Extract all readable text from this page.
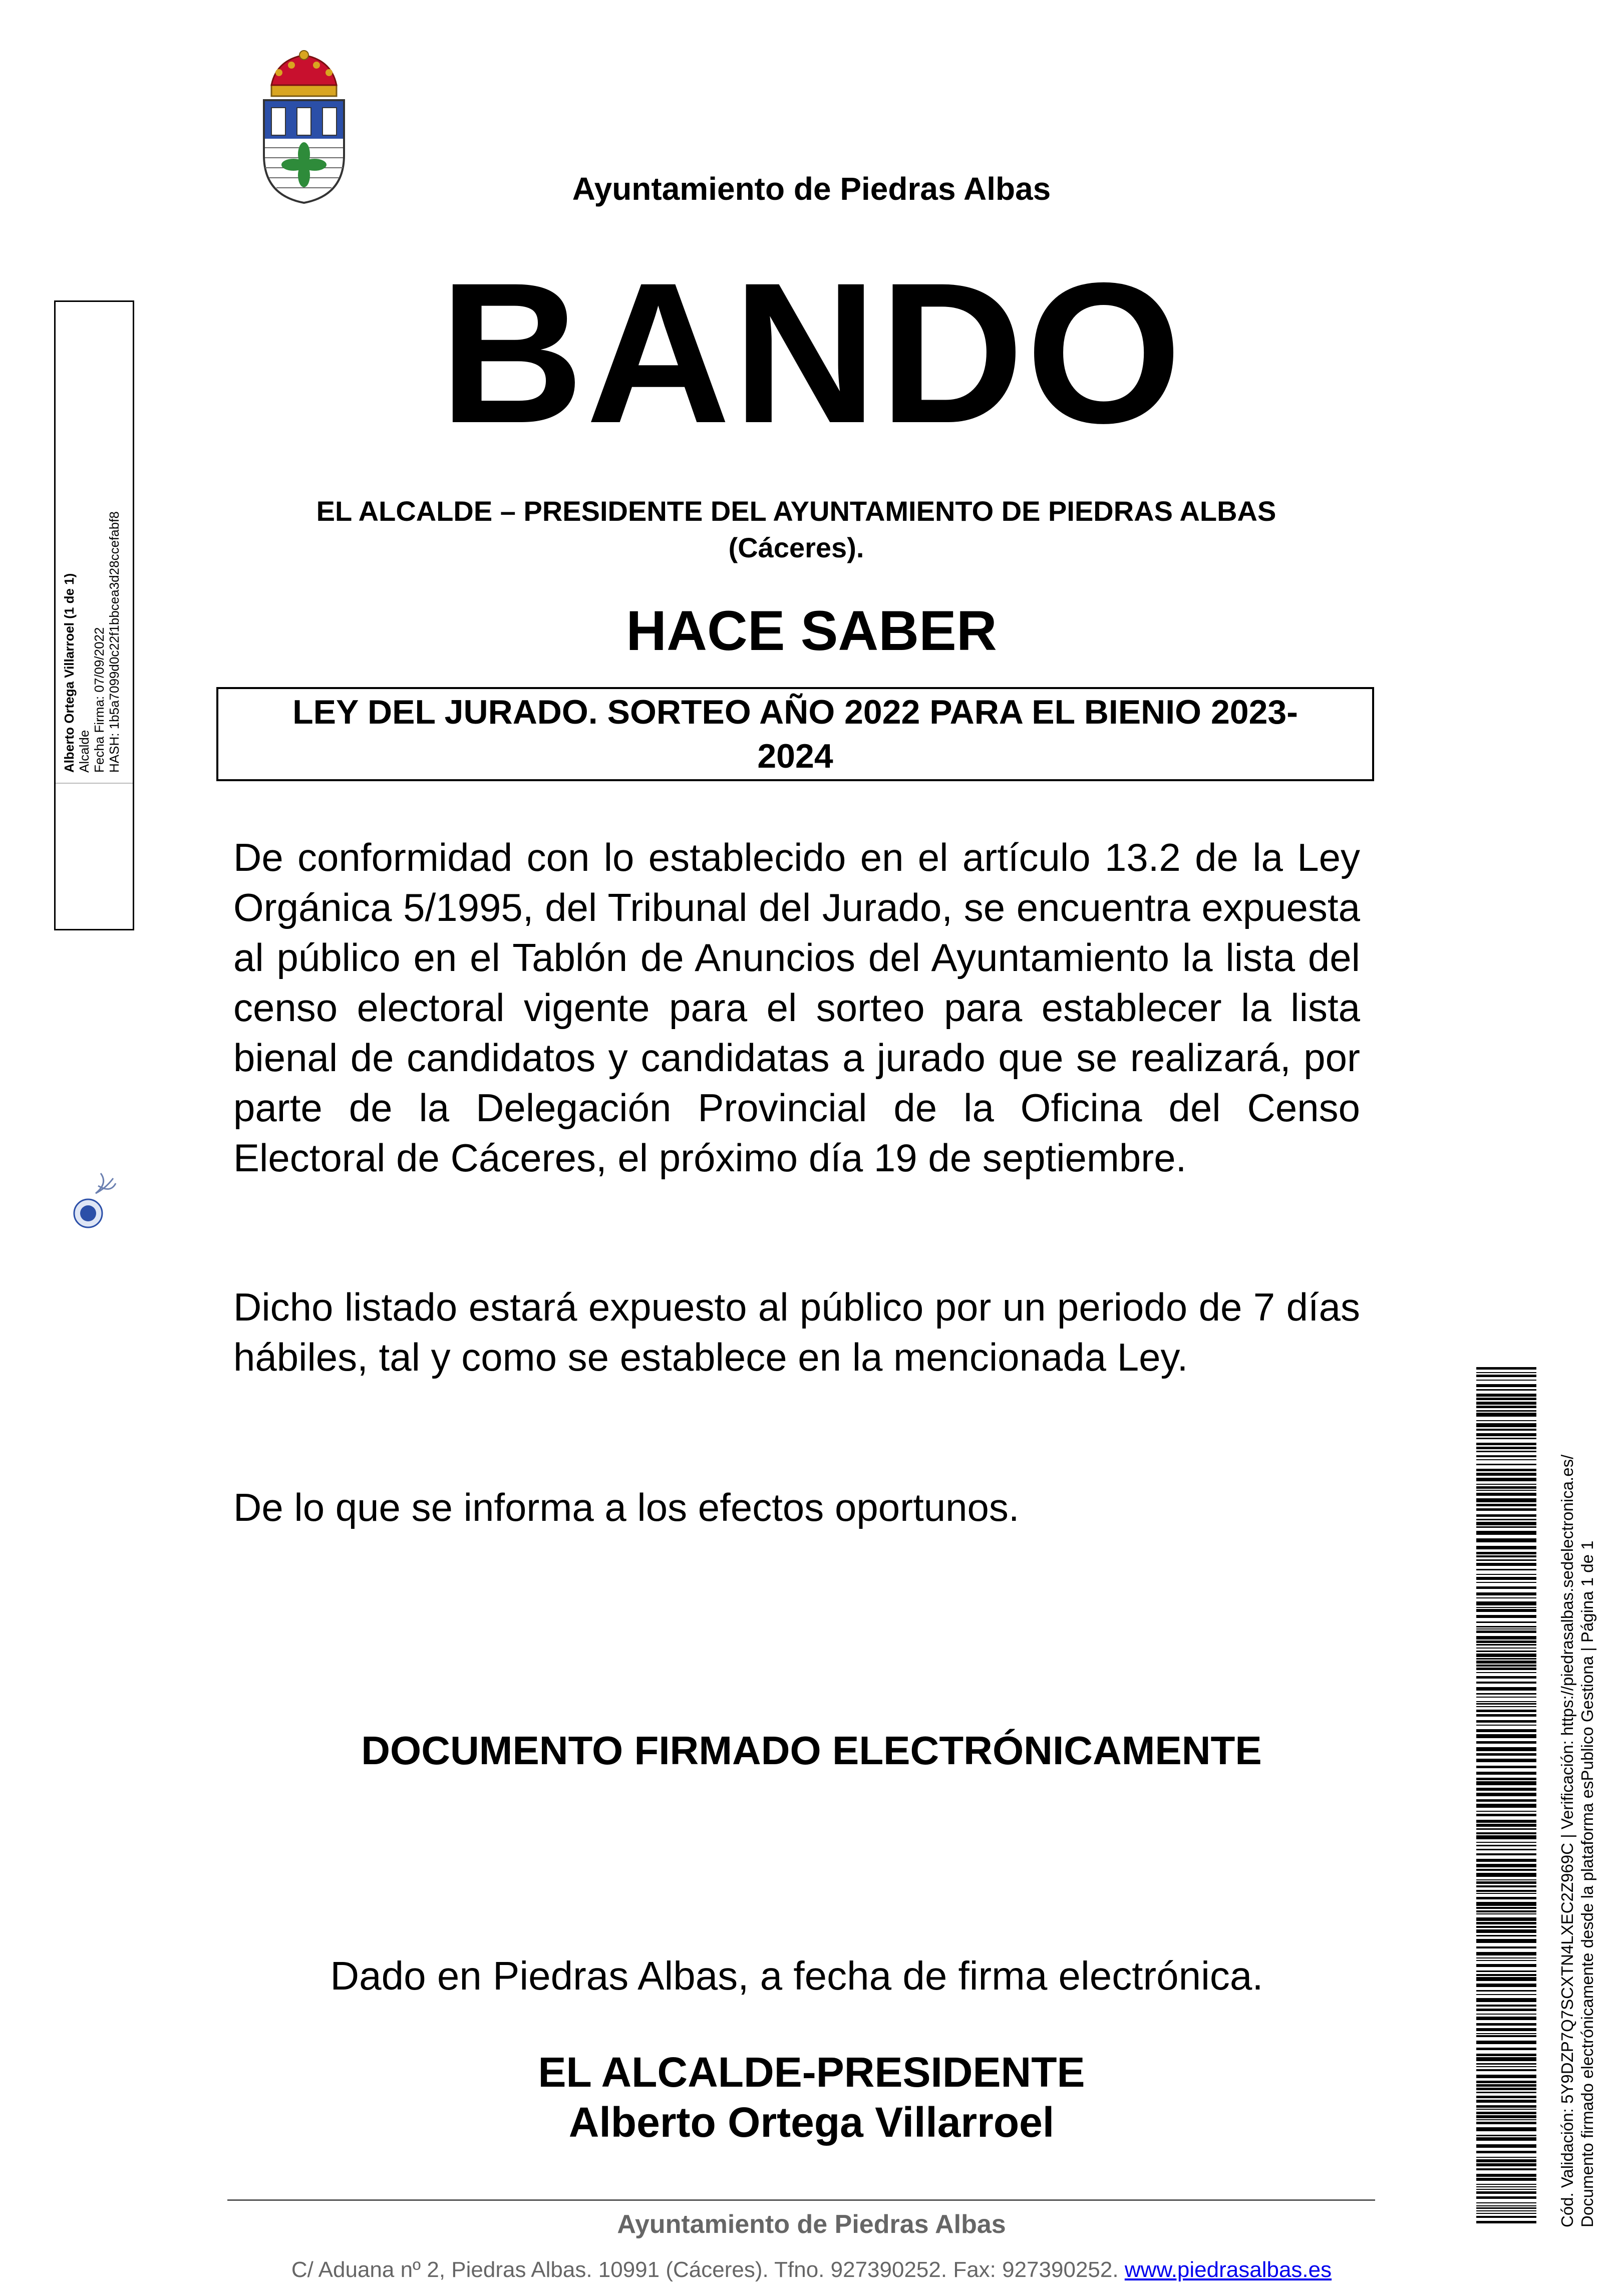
Ayuntamiento de Piedras Albas
BANDO
EL ALCALDE – PRESIDENTE DEL AYUNTAMIENTO DE PIEDRAS ALBAS
(Cáceres).
HACE SABER
LEY DEL JURADO. SORTEO AÑO 2022 PARA EL BIENIO 2023-2024
De conformidad con lo establecido en el artículo 13.2 de la Ley Orgánica 5/1995, del Tribunal del Jurado, se encuentra expuesta al público en el Tablón de Anuncios del Ayuntamiento la lista del censo electoral vigente para el sorteo para establecer la lista bienal de candidatos y candidatas a jurado que se realizará, por parte de la Delegación Provincial de la Oficina del Censo Electoral de Cáceres, el próximo día 19 de septiembre.
Dicho listado estará expuesto al público por un periodo de 7 días hábiles, tal y como se establece en la mencionada Ley.
De lo que se informa a los efectos oportunos.
DOCUMENTO FIRMADO ELECTRÓNICAMENTE
Dado en Piedras Albas, a fecha de firma electrónica.
EL ALCALDE-PRESIDENTE
Alberto Ortega Villarroel
Ayuntamiento de Piedras Albas
C/ Aduana nº 2, Piedras Albas. 10991 (Cáceres). Tfno. 927390252. Fax: 927390252. www.piedrasalbas.es
Alberto Ortega Villarroel (1 de 1) Alcalde Fecha Firma: 07/09/2022 HASH: 1b5a7099d0c22f1bbcea3d28ccefabf8
Cód. Validación: 5Y9DZP7Q7SCXTN4LXEC2Z969C | Verificación: https://piedrasalbas.sedelectronica.es/ Documento firmado electrónicamente desde la plataforma esPublico Gestiona | Página 1 de 1
